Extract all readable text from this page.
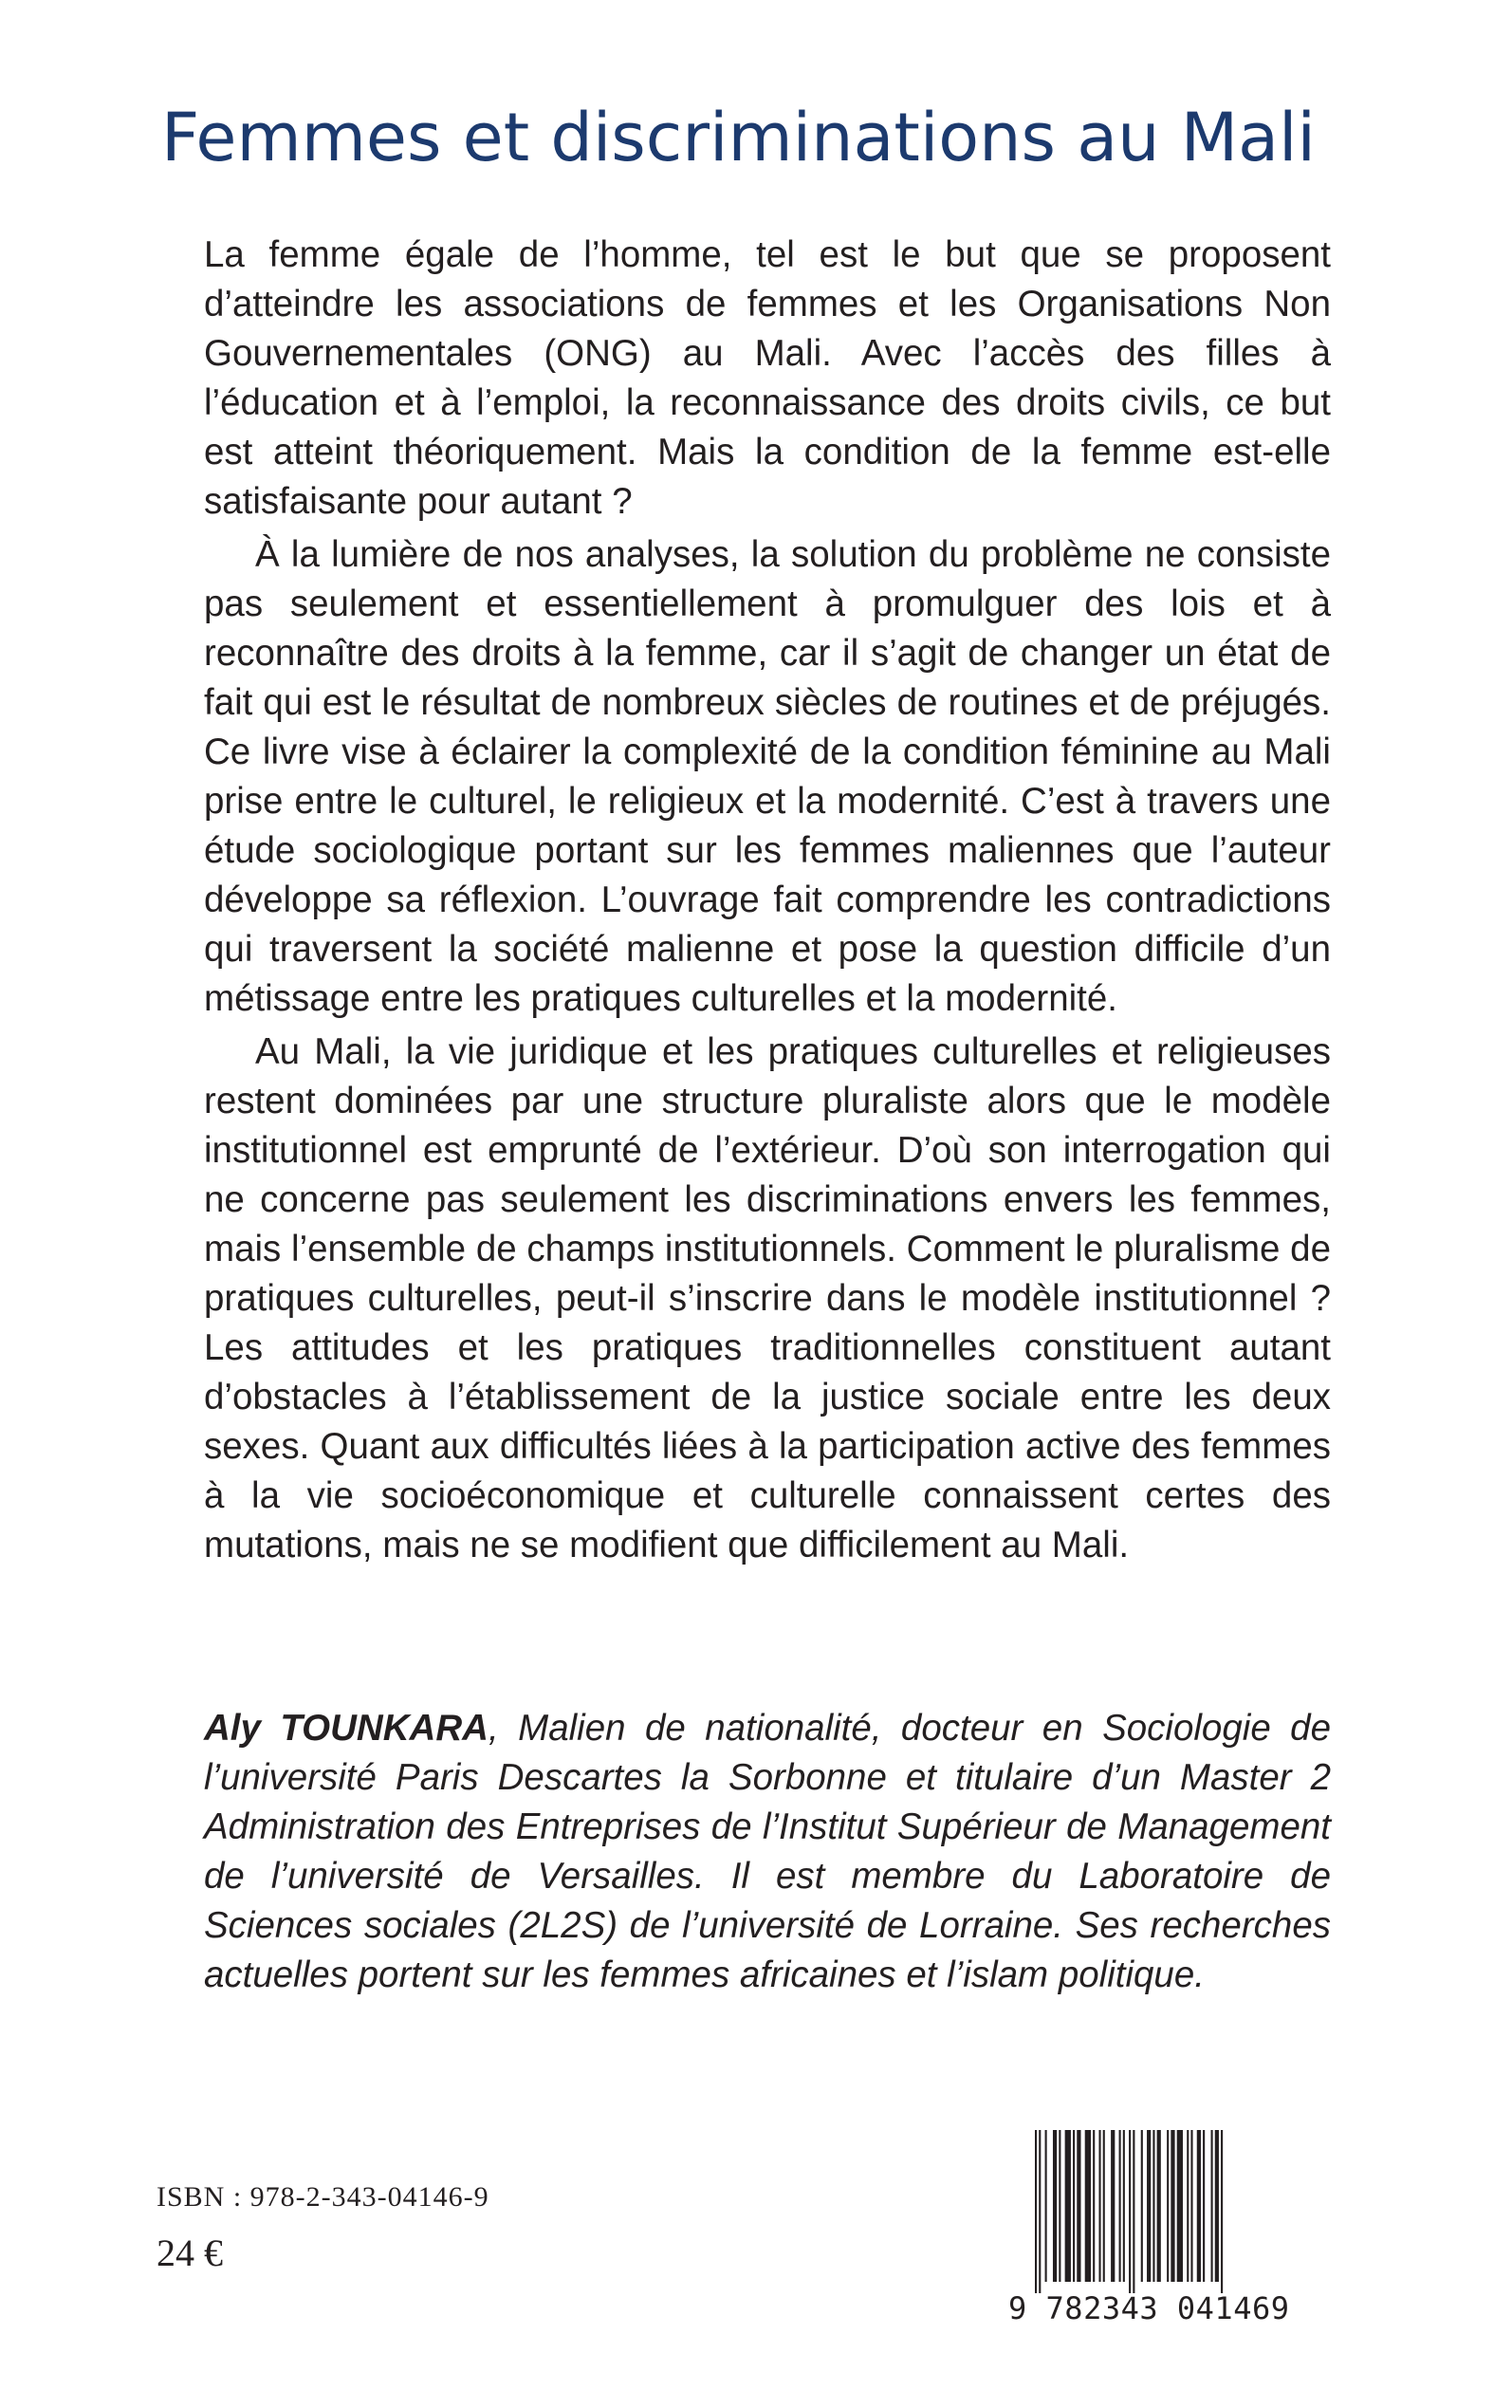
Femmes et discriminations au Mali

La femme égale de l’homme, tel est le but que se proposent d’atteindre les associations de femmes et les Organisations Non Gouvernementales (ONG) au Mali. Avec l’accès des filles à l’éducation et à l’emploi, la reconnaissance des droits civils, ce but est atteint théoriquement. Mais la condition de la femme est-elle satisfaisante pour autant ?

À la lumière de nos analyses, la solution du problème ne consiste pas seulement et essentiellement à promulguer des lois et à reconnaître des droits à la femme, car il s’agit de changer un état de fait qui est le résultat de nombreux siècles de routines et de préjugés. Ce livre vise à éclairer la complexité de la condition féminine au Mali prise entre le culturel, le religieux et la modernité. C’est à travers une étude sociologique portant sur les femmes maliennes que l’auteur développe sa réflexion. L’ouvrage fait comprendre les contradictions qui traversent la société malienne et pose la question difficile d’un métissage entre les pratiques culturelles et la modernité.

Au Mali, la vie juridique et les pratiques culturelles et religieuses restent dominées par une structure pluraliste alors que le modèle institutionnel est emprunté de l’extérieur. D’où son interrogation qui ne concerne pas seulement les discriminations envers les femmes, mais l’ensemble de champs institutionnels. Comment le pluralisme de pratiques culturelles, peut-il s’inscrire dans le modèle institutionnel ? Les attitudes et les pratiques traditionnelles constituent autant d’obstacles à l’établissement de la justice sociale entre les deux sexes. Quant aux difficultés liées à la participation active des femmes à la vie socioéconomique et culturelle connaissent certes des mutations, mais ne se modifient que difficilement au Mali.

Aly TOUNKARA, Malien de nationalité, docteur en Sociologie de l’université Paris Descartes la Sorbonne et titulaire d’un Master 2 Administration des Entreprises de l’Institut Supérieur de Management de l’université de Versailles. Il est membre du Laboratoire de Sciences sociales (2L2S) de l’université de Lorraine. Ses recherches actuelles portent sur les femmes africaines et l’islam politique.

ISBN : 978-2-343-04146-9
24 €
9 782343 041469
